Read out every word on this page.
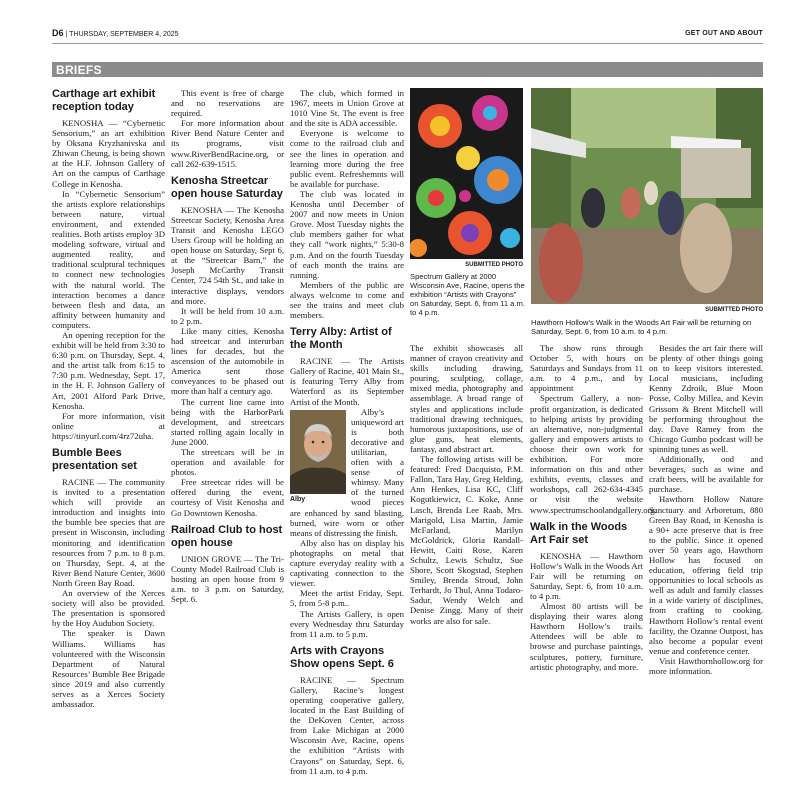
D6 | THURSDAY, SEPTEMBER 4, 2025	GET OUT AND ABOUT
BRIEFS
Carthage art exhibit reception today

KENOSHA — “Cybernetic Sensorium,” an art exhibition by Oksana Kryzhanivska and Zhiwan Cheung, is being shown at the H.F. Johnson Gallery of Art on the campus of Carthage College in Kenosha.

In “Cybernetic Sensorium” the artists explore relationships between nature, virtual environment, and extended realities. Both artists employ 3D modeling software, virtual and augmented reality, and traditional sculptural techniques to connect new technologies with the natural world. The interaction becomes a dance between flesh and data, an affinity between humanity and computers.

An opening reception for the exhibit will be held from 3:30 to 6:30 p.m. on Thursday, Sept. 4, and the artist talk from 6:15 to 7:30 p.m. Wednesday, Sept. 17, in the H. F. Johnson Gallery of Art, 2001 Alford Park Drive, Kenosha.

For more information, visit online at https://tinyurl.com/4rz72uha.

Bumble Bees presentation set

RACINE — The community is invited to a presentation which will provide an introduction and insights into the bumble bee species that are present in Wisconsin, including monitoring and identification resources from 7 p.m. to 8 p.m. on Thursday, Sept. 4, at the River Bend Nature Center, 3600 North Green Bay Road.

An overview of the Xerces society will also be provided. The presentation is sponsored by the Hoy Audubon Society.

The speaker is Dawn Williams. Williams has volunteered with the Wisconsin Department of Natural Resources’ Bumble Bee Brigade since 2019 and also currently serves as a Xerces Society ambassador.

This event is free of charge and no reservations are required.

For more information about River Bend Nature Center and its programs, visit www.RiverBendRacine.org, or call 262-639-1515.

Kenosha Streetcar open house Saturday

KENOSHA — The Kenosha Streetcar Society, Kenosha Area Transit and Kenosha LEGO Users Group will be holding an open house on Saturday, Sept 6, at the “Streetcar Barn,” the Joseph McCarthy Transit Center, 724 54th St., and take in interactive displays, vendors and more.

It will be held from 10 a.m. to 2 p.m.

Like many cities, Kenosha had streetcar and interurban lines for decades, but the ascension of the automobile in America sent those conveyances to be phased out more than half a century ago.

The current line came into being with the HarborPark development, and streetcars started rolling again locally in June 2000.

The streetcars will be in operation and available for photos.

Free streetcar rides will be offered during the event, courtesy of Visit Kenosha and Go Downtown Kenosha.

Railroad Club to host open house

UNION GROVE — The Tri-County Model Railroad Club is hosting an open house from 9 a.m. to 3 p.m. on Saturday, Sept. 6.

The club, which formed in 1967, meets in Union Grove at 1010 Vine St. The event is free and the site is ADA accessible.

Everyone is welcome to come to the railroad club and see the lines in operation and learning more during the free public event. Refreshemnts will be available for purchase.

The club was located in Kenosha until December of 2007 and now meets in Union Grove. Most Tuesday nights the club members gather for what they call “work nights,” 5:30-8 p.m. And on the fourth Tuesday of each month the trains are running.

Members of the public are always welcome to come and see the trains and meet club members.

Terry Alby: Artist of the Month

RACINE — The Artists Gallery of Racine, 401 Main St., is featuring Terry Alby from Waterford as its September Artist of the Month.

Alby

Alby’s uniqueword art is both decorative and utilitarian, often with a sense of whimsy. Many of the turned wood pieces are enhanced by sand blasting, burned, wire worn or other means of distressing the finish.

Alby also has on display his photographs on metal that capture everyday reality with a captivating connection to the viewer.

Meet the artist Friday, Sept. 5, from 5-8 p.m..

The Artists Gallery, is open every Wednesday thru Saturday from 11 a.m. to 5 p.m.

Arts with Crayons Show opens Sept. 6

RACINE — Spectrum Gallery, Racine’s longest operating cooperative gallery, located in the East Building of the DeKoven Center, across from Lake Michigan at 2000 Wisconsin Ave, Racine, opens the exhibition “Artists with Crayons” on Saturday, Sept. 6, from 11 a.m. to 4 p.m.

SUBMITTED PHOTO
Spectrum Gallery at 2000 Wisconsin Ave, Racine, opens the exhibition “Artists with Crayons” on Saturday, Sept. 6, from 11 a.m. to 4 p.m.	SUBMITTED PHOTO
Hawthorn Hollow’s Walk in the Woods Art Fair will be returning on Saturday, Sept. 6, from 10 a.m. to 4 p.m.

The exhibit showcases all manner of crayon creativity and skills including drawing, pouring, sculpting, collage, mixed media, photography and assemblage. A broad range of styles and applications include traditional drawing techniques, humorous juxtapositions, use of glue guns, heat elements, fantasy, and abstract art.

The following artists will be featured: Fred Dacquisto, P.M. Fallon, Tara Hay, Greg Helding, Ann Henkes, Lisa KC, Cliff Kogutkiewicz, C. Koke, Anne Lasch, Brenda Lee Raab, Mrs. Marigold, Lisa Martin, Jamie McFarland, Marilyn McGoldrick, Gloria Randall-Hewitt, Caiti Rose, Karen Schultz, Lewis Schultz, Sue Shore, Scott Skogstad, Stephen Smiley, Brenda Stroud, John Terhardt, Jo Thul, Anna Todaro-Sadur, Wendy Welch and Denise Zingg. Many of their works are also for sale.

The show runs through October 5, with hours on Saturdays and Sundays from 11 a.m. to 4 p.m., and by appointment

Spectrum Gallery, a non-profit organization, is dedicated to helping artists by providing an alternative, non-judgmental gallery and empowers artists to choose their own work for exhibition. For more information on this and other exhibits, events, classes and workshops, call 262-634-4345 or visit the website www.spectrumschoolandgallery.org.

Walk in the Woods Art Fair set

KENOSHA — Hawthorn Hollow’s Walk in the Woods Art Fair will be returning on Saturday, Sept. 6, from 10 a.m. to 4 p.m.

Almost 80 artists will be displaying their wares along Hawthorn Hollow’s trails. Attendees will be able to browse and purchase paintings, sculptures, pottery, furniture, artistic photography, and more.

Besides the art fair there will be plenty of other things going on to keep visitors interested. Local musicians, including Kenny Zdroik, Blue Moon Posse, Colby Millea, and Kevin Grissom & Brent Mitchell will be performing throughout the day. Dave Ramey from the Chicago Gumbo podcast will be spinning tunes as well.

Additionally, ood and beverages, such as wine and craft beers, will be available for purchase.

Hawthorn Hollow Nature Sanctuary and Arboretum, 880 Green Bay Road, in Kenosha is a 90+ acre preserve that is free to the public. Since it opened over 50 years ago, Hawthorn Hollow has focused on education, offering field trip opportunities to local schools as well as adult and family classes in a wide variety of disciplines, from crafting to cooking. Hawthorn Hollow’s rental event facility, the Ozanne Outpost, has also become a popular event venue and conference center.

Visit Hawthornhollow.org for more information.
